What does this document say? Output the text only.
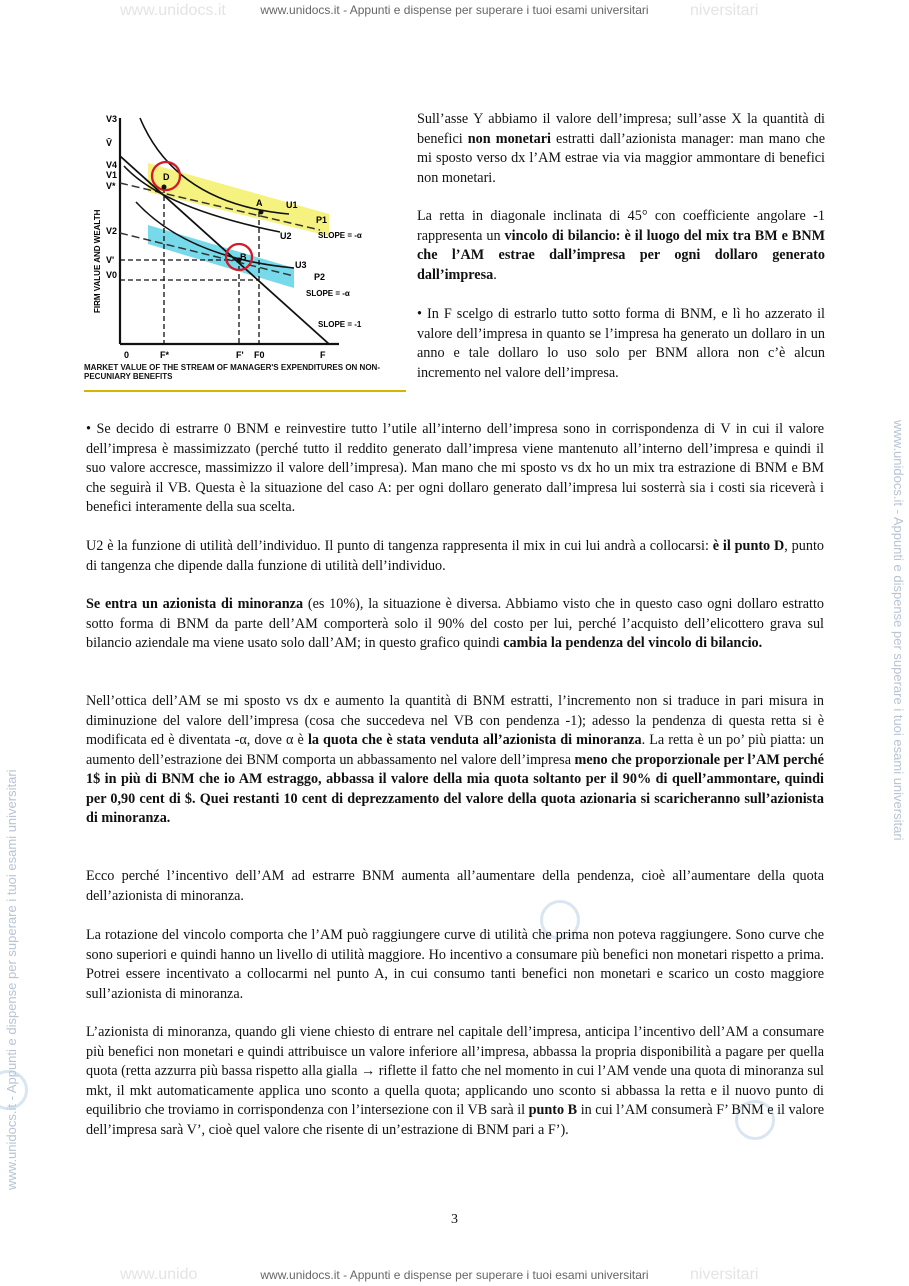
www.unidocs.it	niversitari
www.unido	niversitari
www.unidocs.it - Appunti e dispense per superare i tuoi esami universitari
www.unidocs.it - Appunti e dispense per superare i tuoi esami universitari
www.unidocs.it - Appunti e dispense per superare i tuoi esami universitari
V3
V̄
V4
V1
V*
V2
V'
V0
FIRM VALUE AND WEALTH
0	F*	F' F0	F
D
A
B
U1
U2
U3
P1
P2
SLOPE = -α
SLOPE = -α
SLOPE = -1
MARKET VALUE OF THE STREAM OF MANAGER'S EXPENDITURES ON NON-PECUNIARY BENEFITS

Sull’asse Y abbiamo il valore dell’impresa; sull’asse X la quantità di benefici non monetari estratti dall’azionista manager: man mano che mi sposto verso dx l’AM estrae via via maggior ammontare di benefici non monetari.

La retta in diagonale inclinata di 45° con coefficiente angolare -1 rappresenta un vincolo di bilancio: è il luogo del mix tra BM e BNM che l’AM estrae dall’impresa per ogni dollaro generato dall’impresa.

• In F scelgo di estrarlo tutto sotto forma di BNM, e lì ho azzerato il valore dell’impresa in quanto se l’impresa ha generato un dollaro in un anno e tale dollaro lo uso solo per BNM allora non c’è alcun incremento nel valore dell’impresa.

• Se decido di estrarre 0 BNM e reinvestire tutto l’utile all’interno dell’impresa sono in corrispondenza di V in cui il valore dell’impresa è massimizzato (perché tutto il reddito generato dall’impresa viene mantenuto all’interno dell’impresa e quindi il suo valore accresce, massimizzo il valore dell’impresa). Man mano che mi sposto vs dx ho un mix tra estrazione di BNM e BM che seguirà il VB. Questa è la situazione del caso A: per ogni dollaro generato dall’impresa lui sosterrà sia i costi sia riceverà i benefici interamente della sua scelta.

U2 è la funzione di utilità dell’individuo. Il punto di tangenza rappresenta il mix in cui lui andrà a collocarsi: è il punto D, punto di tangenza che dipende dalla funzione di utilità dell’individuo.

Se entra un azionista di minoranza (es 10%), la situazione è diversa. Abbiamo visto che in questo caso ogni dollaro estratto sotto forma di BNM da parte dell’AM comporterà solo il 90% del costo per lui, perché l’acquisto dell’elicottero grava sul bilancio aziendale ma viene usato solo dall’AM; in questo grafico quindi cambia la pendenza del vincolo di bilancio.

Nell’ottica dell’AM se mi sposto vs dx e aumento la quantità di BNM estratti, l’incremento non si traduce in pari misura in diminuzione del valore dell’impresa (cosa che succedeva nel VB con pendenza -1); adesso la pendenza di questa retta si è modificata ed è diventata -α, dove α è la quota che è stata venduta all’azionista di minoranza. La retta è un po’ più piatta: un aumento dell’estrazione dei BNM comporta un abbassamento nel valore dell’impresa meno che proporzionale per l’AM perché 1$ in più di BNM che io AM estraggo, abbassa il valore della mia quota soltanto per il 90% di quell’ammontare, quindi per 0,90 cent di $. Quei restanti 10 cent di deprezzamento del valore della quota azionaria si scaricheranno sull’azionista di minoranza.

Ecco perché l’incentivo dell’AM ad estrarre BNM aumenta all’aumentare della pendenza, cioè all’aumentare della quota dell’azionista di minoranza.

La rotazione del vincolo comporta che l’AM può raggiungere curve di utilità che prima non poteva raggiungere. Sono curve che sono superiori e quindi hanno un livello di utilità maggiore. Ho incentivo a consumare più benefici non monetari rispetto a prima. Potrei essere incentivato a collocarmi nel punto A, in cui consumo tanti benefici non monetari e scarico un costo maggiore sull’azionista di minoranza.

L’azionista di minoranza, quando gli viene chiesto di entrare nel capitale dell’impresa, anticipa l’incentivo dell’AM a consumare più benefici non monetari e quindi attribuisce un valore inferiore all’impresa, abbassa la propria disponibilità a pagare per quella quota (retta azzurra più bassa rispetto alla gialla → riflette il fatto che nel momento in cui l’AM vende una quota di minoranza sul mkt, il mkt automaticamente applica uno sconto a quella quota; applicando uno sconto si abbassa la retta e il nuovo punto di equilibrio che troviamo in corrispondenza con l’intersezione con il VB sarà il punto B in cui l’AM consumerà F’ BNM e il valore dell’impresa sarà V’, cioè quel valore che risente di un’estrazione di BNM pari a F’).

3
www.unidocs.it - Appunti e dispense per superare i tuoi esami universitari
